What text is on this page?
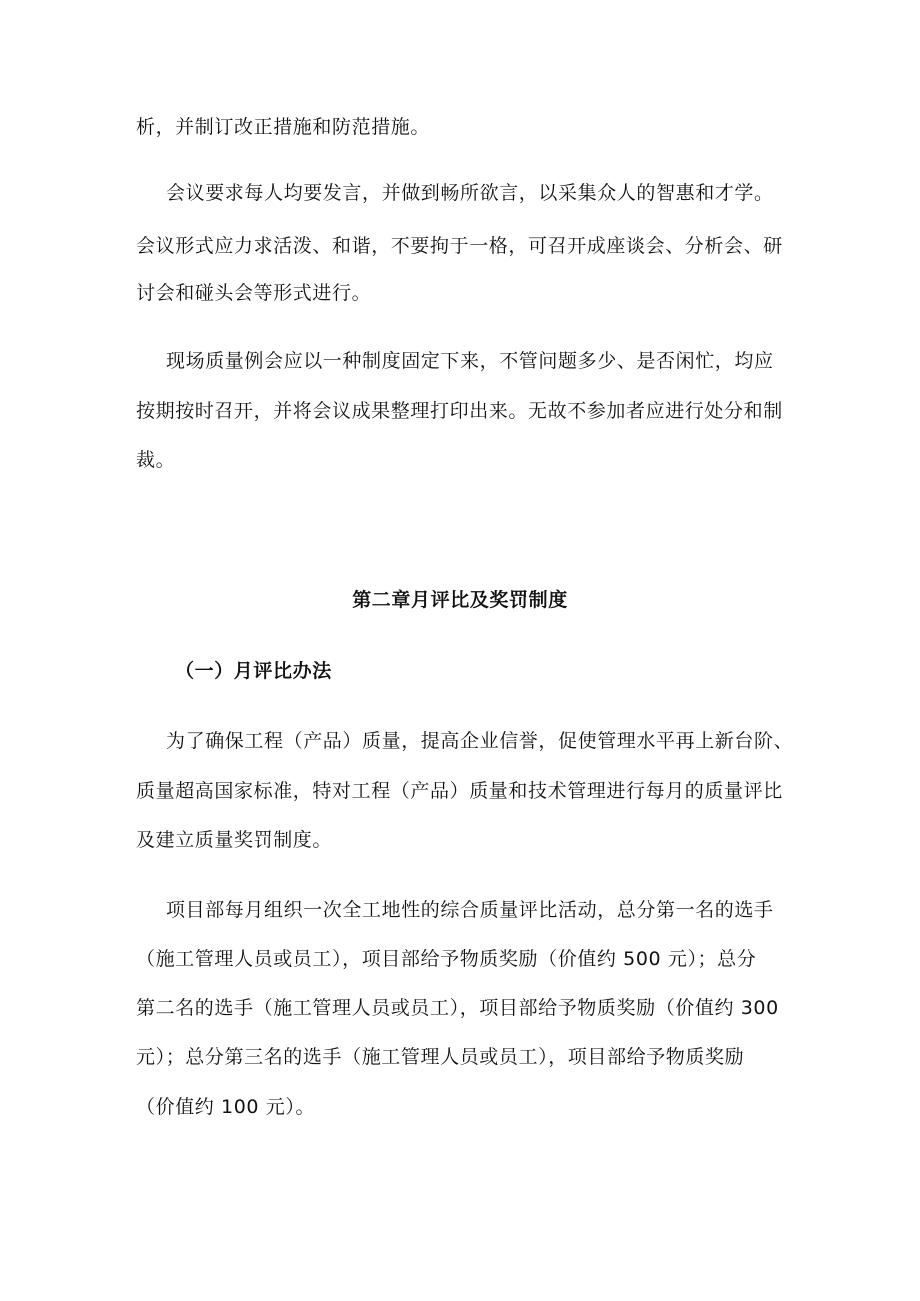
析，并制订改正措施和防范措施。
会议要求每人均要发言，并做到畅所欲言，以采集众人的智惠和才学。
会议形式应力求活泼、和谐，不要拘于一格，可召开成座谈会、分析会、研
讨会和碰头会等形式进行。
现场质量例会应以一种制度固定下来，不管问题多少、是否闲忙，均应
按期按时召开，并将会议成果整理打印出来。无故不参加者应进行处分和制
裁。
第二章月评比及奖罚制度
（一）月评比办法
为了确保工程（产品）质量，提高企业信誉，促使管理水平再上新台阶、
质量超高国家标准，特对工程（产品）质量和技术管理进行每月的质量评比
及建立质量奖罚制度。
项目部每月组织一次全工地性的综合质量评比活动，总分第一名的选手
（施工管理人员或员工），项目部给予物质奖励（价值约 500 元）；总分
第二名的选手（施工管理人员或员工），项目部给予物质奖励（价值约 300
元）；总分第三名的选手（施工管理人员或员工），项目部给予物质奖励
（价值约 100 元）。
